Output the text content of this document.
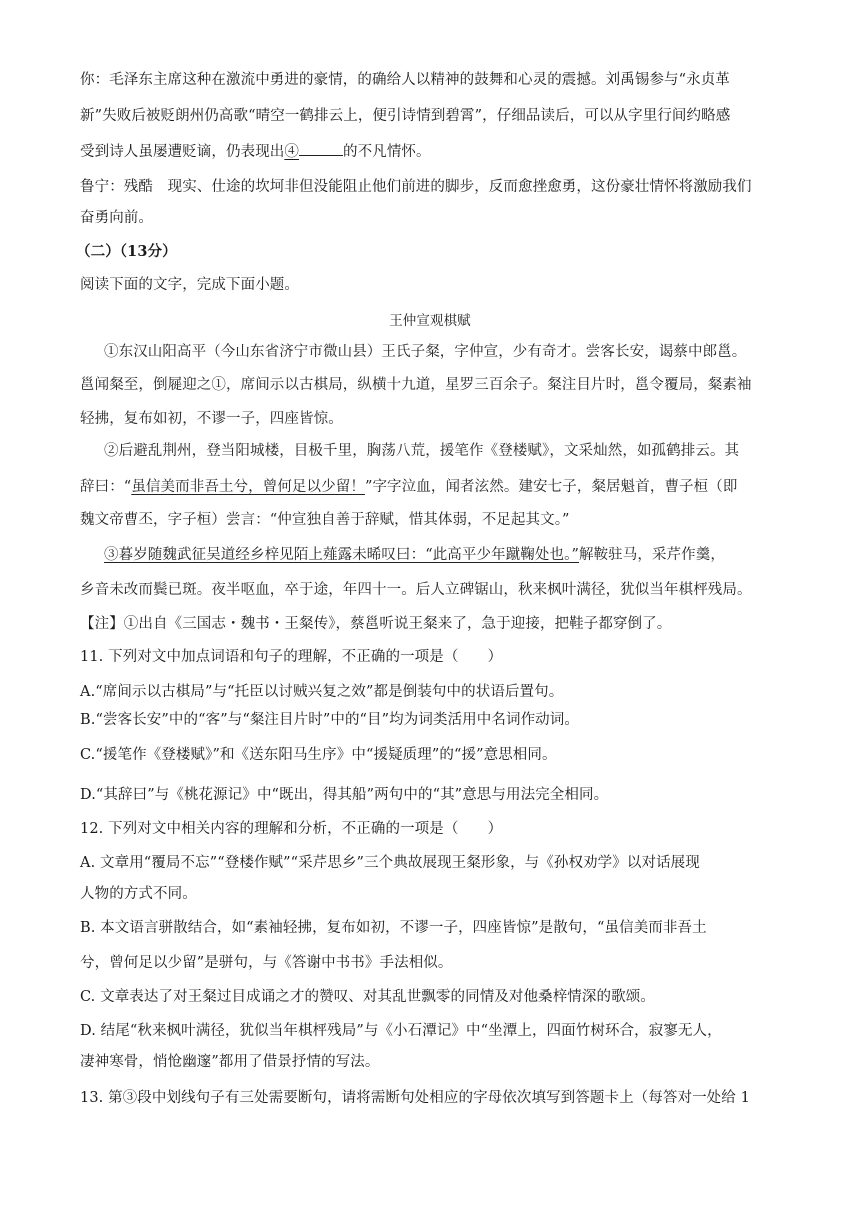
你：毛泽东主席这种在激流中勇进的豪情，的确给人以精神的鼓舞和心灵的震撼。刘禹锡参与“永贞革
新”失败后被贬朗州仍高歌“晴空一鹤排云上，便引诗情到碧霄”，仔细品读后，可以从字里行间约略感
受到诗人虽屡遭贬谪，仍表现出④	的不凡情怀。
鲁宁：残酷　现实、仕途的坎坷非但没能阻止他们前进的脚步，反而愈挫愈勇，这份豪壮情怀将激励我们
奋勇向前。
（二）（13分）
阅读下面的文字，完成下面小题。
王仲宣观棋赋
①东汉山阳高平（今山东省济宁市微山县）王氏子粲，字仲宣，少有奇才。尝客长安，谒蔡中郎邕。
邕闻粲至，倒屣迎之①，席间示以古棋局，纵横十九道，星罗三百余子。粲注目片时，邕令覆局，粲素袖
轻拂，复布如初，不谬一子，四座皆惊。
②后避乱荆州，登当阳城楼，目极千里，胸荡八荒，援笔作《登楼赋》，文采灿然，如孤鹤排云。其
辞曰：“虽信美而非吾土兮，曾何足以少留！”字字泣血，闻者泫然。建安七子，粲居魁首，曹子桓（即
魏文帝曹丕，字子桓）尝言：“仲宣独自善于辞赋，惜其体弱，不足起其文。”
③暮岁随魏武征吴道经乡梓见陌上薤露未晞叹曰：“此高平少年蹴鞠处也。”解鞍驻马，采芹作羹，
乡音未改而鬓已斑。夜半呕血，卒于途，年四十一。后人立碑锯山，秋来枫叶满径，犹似当年棋枰残局。
【注】①出自《三国志・魏书・王粲传》，蔡邕听说王粲来了，急于迎接，把鞋子都穿倒了。
11. 下列对文中加点词语和句子的理解，不正确的一项是（　　）
A.“席间示以古棋局”与“托臣以讨贼兴复之效”都是倒装句中的状语后置句。
B.“尝客长安”中的“客”与“粲注目片时”中的“目”均为词类活用中名词作动词。
C.“援笔作《登楼赋》”和《送东阳马生序》中“援疑质理”的“援”意思相同。
D.“其辞曰”与《桃花源记》中“既出，得其船”两句中的“其”意思与用法完全相同。
12. 下列对文中相关内容的理解和分析，不正确的一项是（　　）
A. 文章用“覆局不忘”“登楼作赋”“采芹思乡”三个典故展现王粲形象，与《孙权劝学》以对话展现
人物的方式不同。
B. 本文语言骈散结合，如“素袖轻拂，复布如初，不谬一子，四座皆惊”是散句，“虽信美而非吾土
兮，曾何足以少留”是骈句，与《答谢中书书》手法相似。
C. 文章表达了对王粲过目成诵之才的赞叹、对其乱世飘零的同情及对他桑梓情深的歌颂。
D. 结尾“秋来枫叶满径，犹似当年棋枰残局”与《小石潭记》中“坐潭上，四面竹树环合，寂寥无人，
凄神寒骨，悄怆幽邃”都用了借景抒情的写法。
13. 第③段中划线句子有三处需要断句，请将需断句处相应的字母依次填写到答题卡上（每答对一处给 1
